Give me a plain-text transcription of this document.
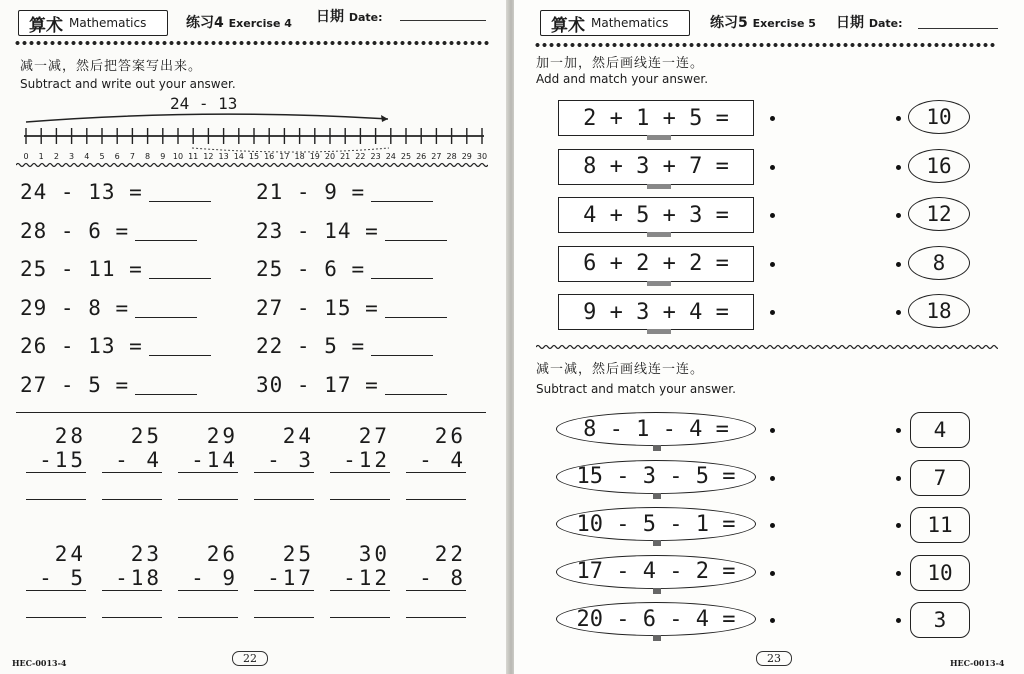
算术 Mathematics	练习4 Exercise 4 日期 Date:
减一减，然后把答案写出来。
Subtract and write out your answer.
24 - 13
0 1 2 3 4 5 6 7 8 9 10 11 12 13 14 15 16 17 18 19 20 21 22 23 24 25 26 27 28 29 30
24 - 13 =
28 - 6 =
25 - 11 =
29 - 8 =
26 - 13 =
27 - 5 =
21 - 9 =
23 - 14 =
25 - 6 =
27 - 15 =
22 - 5 =
30 - 17 =
28
-15
25
- 4
29
-14
24
- 3
27
-12
26
- 4
24
- 5
23
-18
26
- 9
25
-17
30
-12
22
- 8
22
HEC-0013-4
算术 Mathematics	练习5 Exercise 5 日期 Date:
加一加，然后画线连一连。
Add and match your answer.
2 + 1 + 5 =	10
8 + 3 + 7 =	16
4 + 5 + 3 =	12
6 + 2 + 2 =	8
9 + 3 + 4 =	18
减一减，然后画线连一连。
Subtract and match your answer.
8 - 1 - 4 =	4
15 - 3 - 5 =	7
10 - 5 - 1 =	11
17 - 4 - 2 =	10
20 - 6 - 4 =	3
23	HEC-0013-4
